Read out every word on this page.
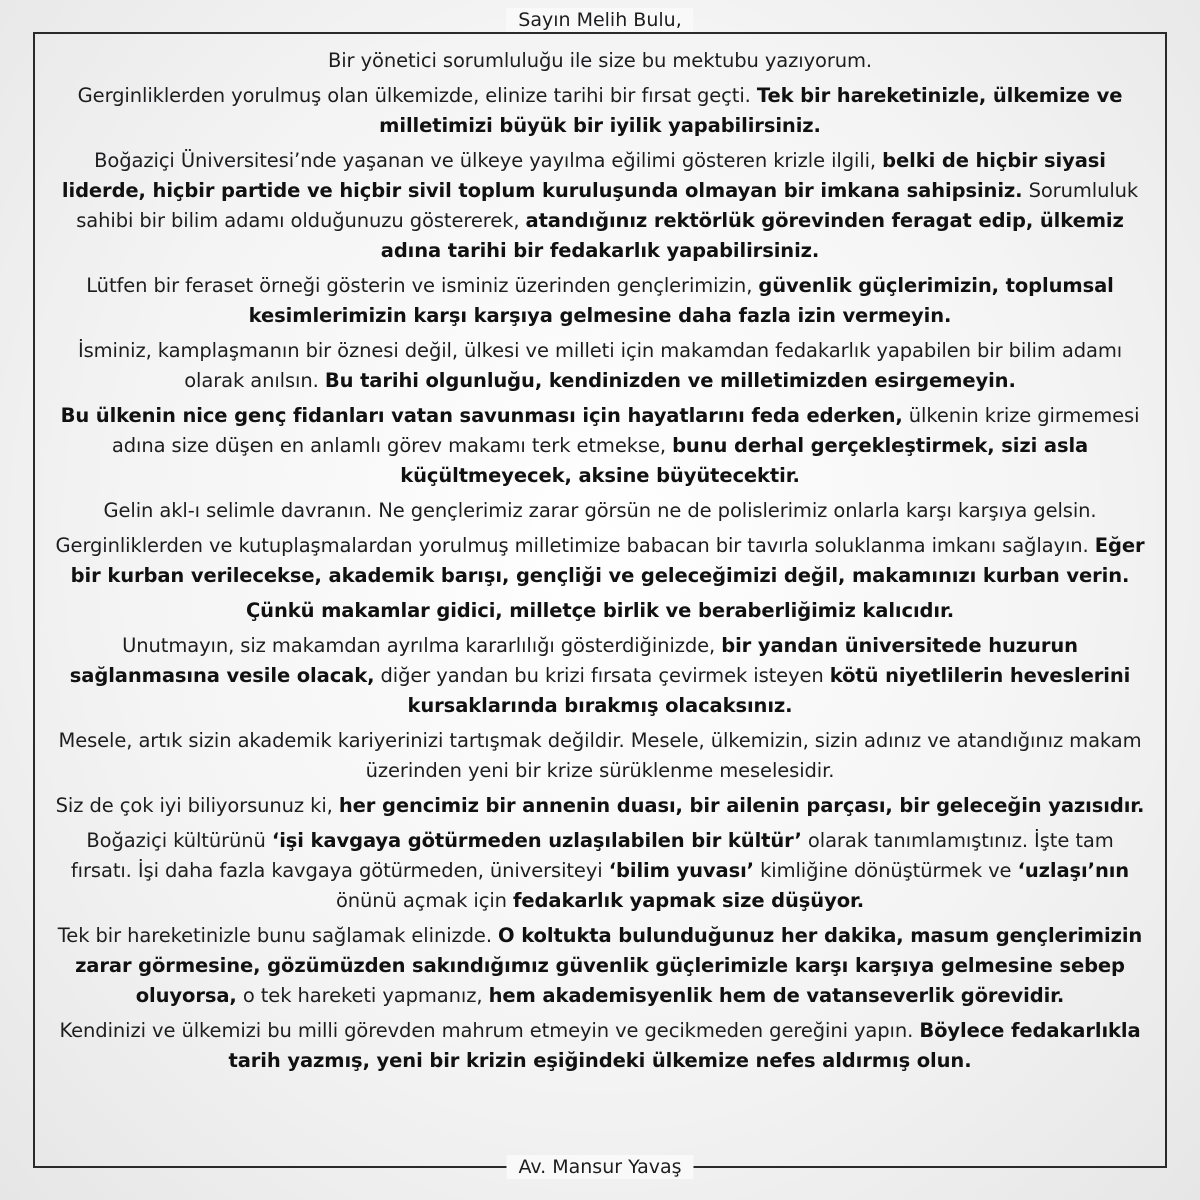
Sayın Melih Bulu,

Bir yönetici sorumluluğu ile size bu mektubu yazıyorum.

Gerginliklerden yorulmuş olan ülkemizde, elinize tarihi bir fırsat geçti. Tek bir hareketinizle, ülkemize ve milletimizi büyük bir iyilik yapabilirsiniz.

Boğaziçi Üniversitesi’nde yaşanan ve ülkeye yayılma eğilimi gösteren krizle ilgili, belki de hiçbir siyasi liderde, hiçbir partide ve hiçbir sivil toplum kuruluşunda olmayan bir imkana sahipsiniz. Sorumluluk sahibi bir bilim adamı olduğunuzu göstererek, atandığınız rektörlük görevinden feragat edip, ülkemiz adına tarihi bir fedakarlık yapabilirsiniz.

Lütfen bir feraset örneği gösterin ve isminiz üzerinden gençlerimizin, güvenlik güçlerimizin, toplumsal kesimlerimizin karşı karşıya gelmesine daha fazla izin vermeyin.

İsminiz, kamplaşmanın bir öznesi değil, ülkesi ve milleti için makamdan fedakarlık yapabilen bir bilim adamı olarak anılsın. Bu tarihi olgunluğu, kendinizden ve milletimizden esirgemeyin.

Bu ülkenin nice genç fidanları vatan savunması için hayatlarını feda ederken, ülkenin krize girmemesi adına size düşen en anlamlı görev makamı terk etmekse, bunu derhal gerçekleştirmek, sizi asla küçültmeyecek, aksine büyütecektir.

Gelin akl-ı selimle davranın. Ne gençlerimiz zarar görsün ne de polislerimiz onlarla karşı karşıya gelsin.

Gerginliklerden ve kutuplaşmalardan yorulmuş milletimize babacan bir tavırla soluklanma imkanı sağlayın. Eğer bir kurban verilecekse, akademik barışı, gençliği ve geleceğimizi değil, makamınızı kurban verin.

Çünkü makamlar gidici, milletçe birlik ve beraberliğimiz kalıcıdır.

Unutmayın, siz makamdan ayrılma kararlılığı gösterdiğinizde, bir yandan üniversitede huzurun sağlanmasına vesile olacak, diğer yandan bu krizi fırsata çevirmek isteyen kötü niyetlilerin heveslerini kursaklarında bırakmış olacaksınız.

Mesele, artık sizin akademik kariyerinizi tartışmak değildir. Mesele, ülkemizin, sizin adınız ve atandığınız makam üzerinden yeni bir krize sürüklenme meselesidir.

Siz de çok iyi biliyorsunuz ki, her gencimiz bir annenin duası, bir ailenin parçası, bir geleceğin yazısıdır.

Boğaziçi kültürünü ‘işi kavgaya götürmeden uzlaşılabilen bir kültür’ olarak tanımlamıştınız. İşte tam fırsatı. İşi daha fazla kavgaya götürmeden, üniversiteyi ‘bilim yuvası’ kimliğine dönüştürmek ve ‘uzlaşı’nın önünü açmak için fedakarlık yapmak size düşüyor.

Tek bir hareketinizle bunu sağlamak elinizde. O koltukta bulunduğunuz her dakika, masum gençlerimizin zarar görmesine, gözümüzden sakındığımız güvenlik güçlerimizle karşı karşıya gelmesine sebep oluyorsa, o tek hareketi yapmanız, hem akademisyenlik hem de vatanseverlik görevidir.

Kendinizi ve ülkemizi bu milli görevden mahrum etmeyin ve gecikmeden gereğini yapın. Böylece fedakarlıkla tarih yazmış, yeni bir krizin eşiğindeki ülkemize nefes aldırmış olun.

Av. Mansur Yavaş
